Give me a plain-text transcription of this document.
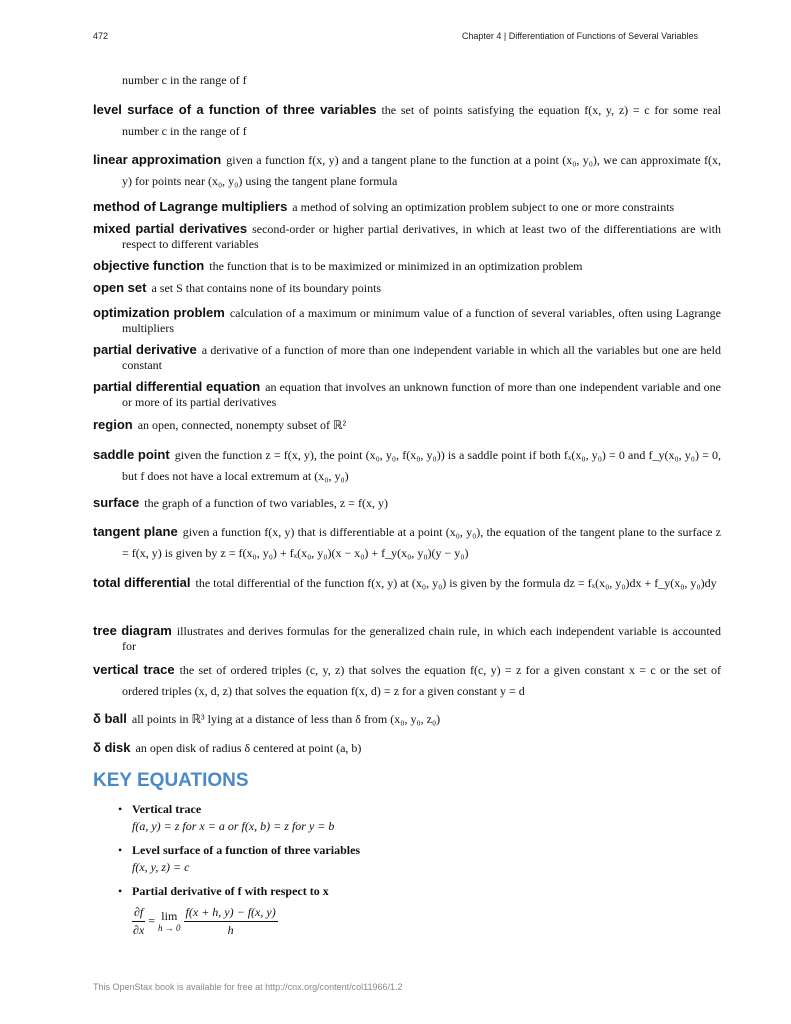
472	Chapter 4 | Differentiation of Functions of Several Variables
number c in the range of f
level surface of a function of three variables the set of points satisfying the equation f(x, y, z) = c for some real number c in the range of f
linear approximation given a function f(x, y) and a tangent plane to the function at a point (x₀, y₀), we can approximate f(x, y) for points near (x₀, y₀) using the tangent plane formula
method of Lagrange multipliers a method of solving an optimization problem subject to one or more constraints
mixed partial derivatives second-order or higher partial derivatives, in which at least two of the differentiations are with respect to different variables
objective function the function that is to be maximized or minimized in an optimization problem
open set a set S that contains none of its boundary points
optimization problem calculation of a maximum or minimum value of a function of several variables, often using Lagrange multipliers
partial derivative a derivative of a function of more than one independent variable in which all the variables but one are held constant
partial differential equation an equation that involves an unknown function of more than one independent variable and one or more of its partial derivatives
region an open, connected, nonempty subset of ℝ²
saddle point given the function z = f(x, y), the point (x₀, y₀, f(x₀, y₀)) is a saddle point if both fₓ(x₀, y₀) = 0 and f_y(x₀, y₀) = 0, but f does not have a local extremum at (x₀, y₀)
surface the graph of a function of two variables, z = f(x, y)
tangent plane given a function f(x, y) that is differentiable at a point (x₀, y₀), the equation of the tangent plane to the surface z = f(x, y) is given by z = f(x₀, y₀) + fₓ(x₀, y₀)(x − x₀) + f_y(x₀, y₀)(y − y₀)
total differential the total differential of the function f(x, y) at (x₀, y₀) is given by the formula dz = fₓ(x₀, y₀)dx + f_y(x₀, y₀)dy
tree diagram illustrates and derives formulas for the generalized chain rule, in which each independent variable is accounted for
vertical trace the set of ordered triples (c, y, z) that solves the equation f(c, y) = z for a given constant x = c or the set of ordered triples (x, d, z) that solves the equation f(x, d) = z for a given constant y = d
δ ball all points in ℝ³ lying at a distance of less than δ from (x₀, y₀, z₀)
δ disk an open disk of radius δ centered at point (a, b)
KEY EQUATIONS
• Vertical trace
f(a, y) = z for x = a or f(x, b) = z for y = b
• Level surface of a function of three variables
f(x, y, z) = c
• Partial derivative of f with respect to x
$\frac{\partial f}{\partial x} = \lim$
h → 0
$\frac{f(x + h, y) - f(x, y)}{h}$
This OpenStax book is available for free at http://cnx.org/content/col11966/1.2
